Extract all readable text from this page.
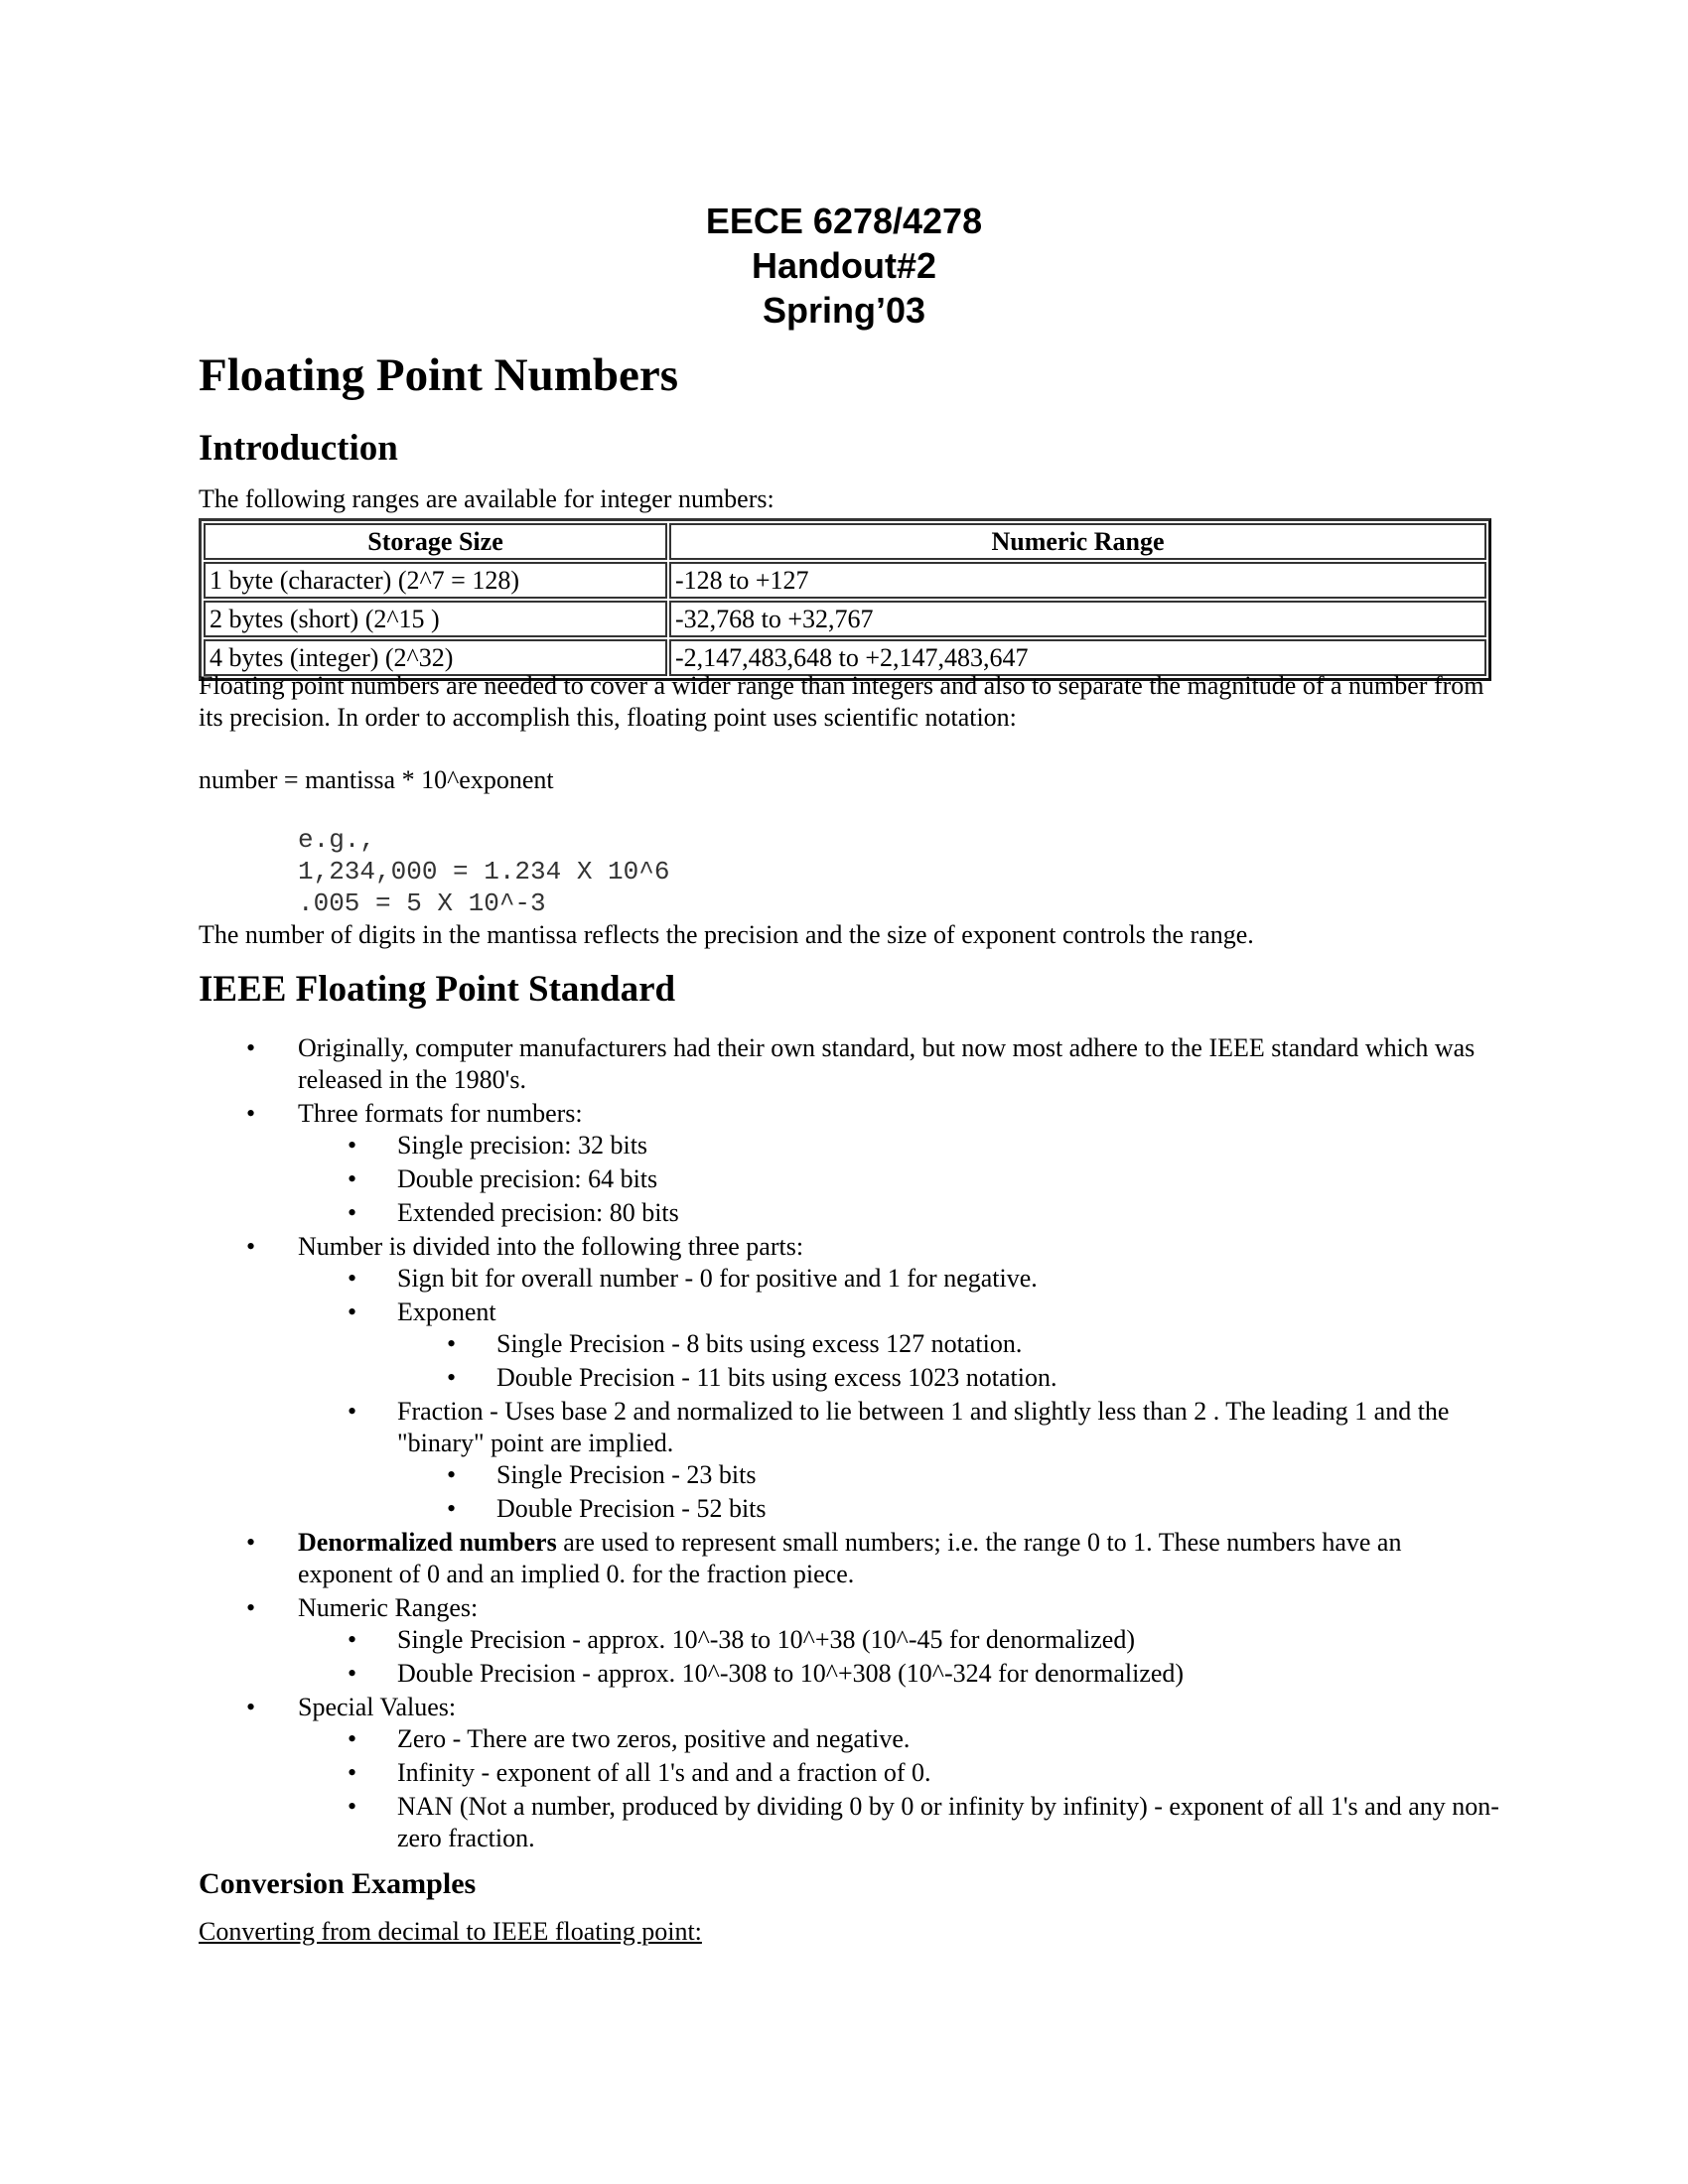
EECE 6278/4278
Handout#2
Spring’03
Floating Point Numbers
Introduction

The following ranges are available for integer numbers:

Storage Size	Numeric Range
1 byte (character) (2^7 = 128)	-128 to +127
2 bytes (short) (2^15 )	-32,768 to +32,767
4 bytes (integer) (2^32)	-2,147,483,648 to +2,147,483,647

Floating point numbers are needed to cover a wider range than integers and also to separate the magnitude of a number from its precision. In order to accomplish this, floating point uses scientific notation:

number = mantissa * 10^exponent

e.g.,

1,234,000 = 1.234 X 10^6

.005 = 5 X 10^-3

The number of digits in the mantissa reflects the precision and the size of exponent controls the range.

IEEE Floating Point Standard
• Originally, computer manufacturers had their own standard, but now most adhere to the IEEE standard which was released in the 1980's.
• Three formats for numbers:
• Single precision: 32 bits
• Double precision: 64 bits
• Extended precision: 80 bits
• Number is divided into the following three parts:
• Sign bit for overall number - 0 for positive and 1 for negative.
• Exponent
• Single Precision - 8 bits using excess 127 notation.
• Double Precision - 11 bits using excess 1023 notation.
• Fraction - Uses base 2 and normalized to lie between 1 and slightly less than 2 . The leading 1 and the "binary" point are implied.
• Single Precision - 23 bits
• Double Precision - 52 bits
• Denormalized numbers are used to represent small numbers; i.e. the range 0 to 1. These numbers have an exponent of 0 and an implied 0. for the fraction piece.
• Numeric Ranges:
• Single Precision - approx. 10^-38 to 10^+38 (10^-45 for denormalized)
• Double Precision - approx. 10^-308 to 10^+308 (10^-324 for denormalized)
• Special Values:
• Zero - There are two zeros, positive and negative.
• Infinity - exponent of all 1's and and a fraction of 0.
• NAN (Not a number, produced by dividing 0 by 0 or infinity by infinity) - exponent of all 1's and any non-zero fraction.
Conversion Examples

Converting from decimal to IEEE floating point:
